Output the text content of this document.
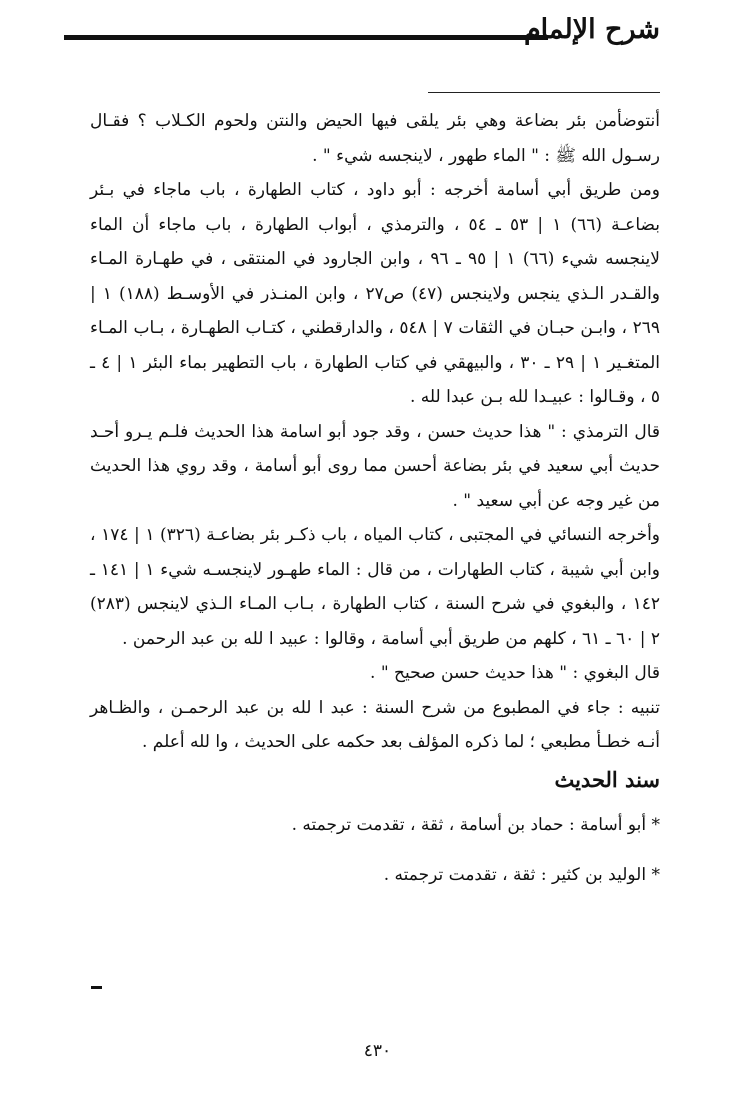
شرح الإلمام

أنتوضأمن بئر بضاعة وهي بئر يلقى فيها الحيض والنتن ولحوم الكـلاب ؟ فقـال رسـول الله ﷺ : " الماء طهور ، لاينجسه شيء " .

ومن طريق أبي أسامة أخرجه : أبو داود ، كتاب الطهارة ، باب ماجاء في بـئر بضاعـة (٦٦) ١ | ٥٣ ـ ٥٤ ، والترمذي ، أبواب الطهارة ، باب ماجاء أن الماء لاينجسه شيء (٦٦) ١ | ٩٥ ـ ٩٦ ، وابن الجارود في المنتقى ، في طهـارة المـاء والقـدر الـذي ينجس ولاينجس (٤٧) ص٢٧ ، وابن المنـذر في الأوسـط (١٨٨) ١ | ٢٦٩ ، وابـن حبـان في الثقات ٧ | ٥٤٨ ، والدارقطني ، كتـاب الطهـارة ، بـاب المـاء المتغـير ١ | ٢٩ ـ ٣٠ ، والبيهقي في كتاب الطهارة ، باب التطهير بماء البئر ١ | ٤ ـ ٥ ، وقـالوا : عبيـدا لله بـن عبدا لله .

قال الترمذي : " هذا حديث حسن ، وقد جود أبو اسامة هذا الحديث فلـم يـرو أحـد حديث أبي سعيد في بئر بضاعة أحسن مما روى أبو أسامة ، وقد روي هذا الحديث من غير وجه عن أبي سعيد " .

وأخرجه النسائي في المجتبى ، كتاب المياه ، باب ذكـر بئر بضاعـة (٣٢٦) ١ | ١٧٤ ، وابن أبي شيبة ، كتاب الطهارات ، من قال : الماء طهـور لاينجسـه شيء ١ | ١٤١ ـ ١٤٢ ، والبغوي في شرح السنة ، كتاب الطهارة ، بـاب المـاء الـذي لاينجس (٢٨٣) ٢ | ٦٠ ـ ٦١ ، كلهم من طريق أبي أسامة ، وقالوا : عبيد ا لله بن عبد الرحمن .

قال البغوي : " هذا حديث حسن صحيح " .

تنبيه : جاء في المطبوع من شرح السنة : عبد ا لله بن عبد الرحمـن ، والظـاهر أنـه خطـأ مطبعي ؛ لما ذكره المؤلف بعد حكمه على الحديث ، وا لله أعلم .

سند الحديث

* أبو أسامة : حماد بن أسامة ، ثقة ، تقدمت ترجمته .

* الوليد بن كثير : ثقة ، تقدمت ترجمته .

٤٣٠
